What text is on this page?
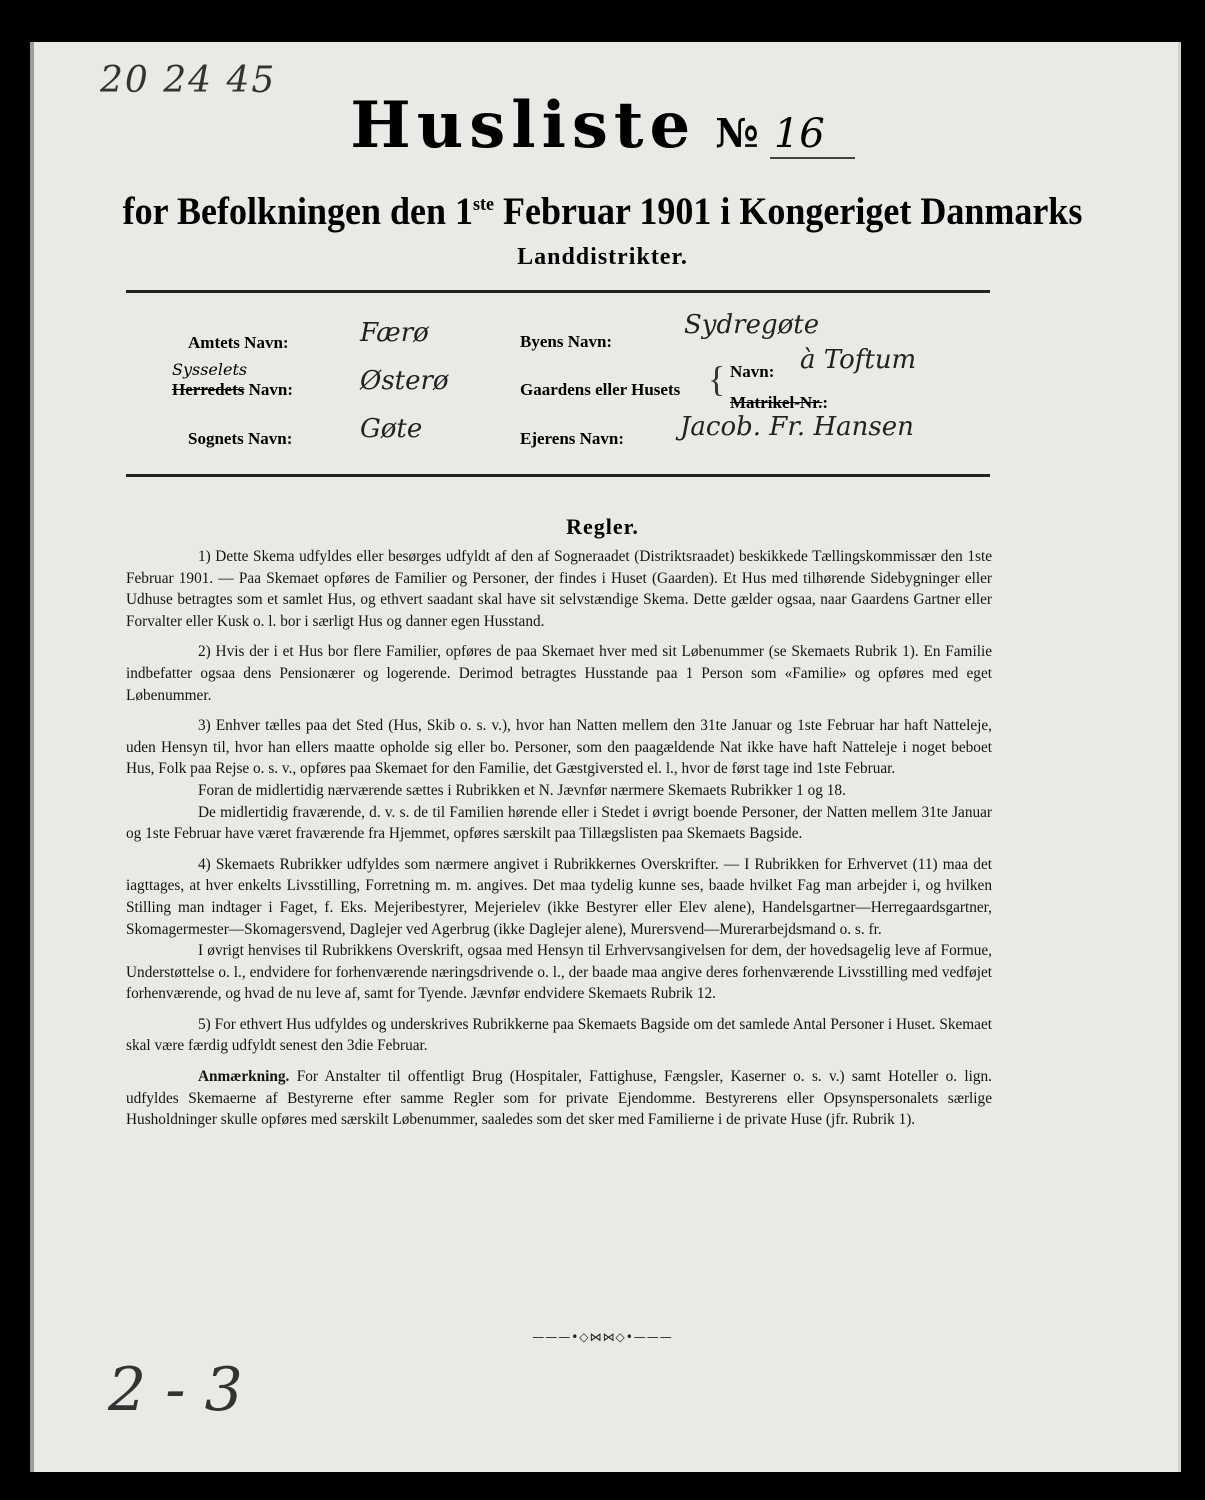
20 24 45
Husliste № 16
for Befolkningen den 1ste Februar 1901 i Kongeriget Danmarks
Landdistrikter.
Amtets Navn:	Færø
Sysselets
Herredets Navn:	Østerø
Sognets Navn:	Gøte
Byens Navn:
Sydregøte
Gaardens eller Husets { Navn: à Toftum
Matrikel-Nr.:
Ejerens Navn: Jacob. Fr. Hansen
Regler.

1) Dette Skema udfyldes eller besørges udfyldt af den af Sogneraadet (Distriktsraadet) beskikkede Tællingskommissær den 1ste Februar 1901. — Paa Skemaet opføres de Familier og Personer, der findes i Huset (Gaarden). Et Hus med tilhørende Sidebygninger eller Udhuse betragtes som et samlet Hus, og ethvert saadant skal have sit selvstændige Skema. Dette gælder ogsaa, naar Gaardens Gartner eller Forvalter eller Kusk o. l. bor i særligt Hus og danner egen Husstand.

2) Hvis der i et Hus bor flere Familier, opføres de paa Skemaet hver med sit Løbenummer (se Skemaets Rubrik 1). En Familie indbefatter ogsaa dens Pensionærer og logerende. Derimod betragtes Husstande paa 1 Person som «Familie» og opføres med eget Løbenummer.

3) Enhver tælles paa det Sted (Hus, Skib o. s. v.), hvor han Natten mellem den 31te Januar og 1ste Februar har haft Natteleje, uden Hensyn til, hvor han ellers maatte opholde sig eller bo. Personer, som den paagældende Nat ikke have haft Natteleje i noget beboet Hus, Folk paa Rejse o. s. v., opføres paa Skemaet for den Familie, det Gæstgiversted el. l., hvor de først tage ind 1ste Februar.

Foran de midlertidig nærværende sættes i Rubrikken et N. Jævnfør nærmere Skemaets Rubrikker 1 og 18.

De midlertidig fraværende, d. v. s. de til Familien hørende eller i Stedet i øvrigt boende Personer, der Natten mellem 31te Januar og 1ste Februar have været fraværende fra Hjemmet, opføres særskilt paa Tillægslisten paa Skemaets Bagside.

4) Skemaets Rubrikker udfyldes som nærmere angivet i Rubrikkernes Overskrifter. — I Rubrikken for Erhvervet (11) maa det iagttages, at hver enkelts Livsstilling, Forretning m. m. angives. Det maa tydelig kunne ses, baade hvilket Fag man arbejder i, og hvilken Stilling man indtager i Faget, f. Eks. Mejeribestyrer, Mejerielev (ikke Bestyrer eller Elev alene), Handelsgartner—Herregaardsgartner, Skomagermester—Skomagersvend, Daglejer ved Agerbrug (ikke Daglejer alene), Murersvend—Murerarbejdsmand o. s. fr.

I øvrigt henvises til Rubrikkens Overskrift, ogsaa med Hensyn til Erhvervsangivelsen for dem, der hovedsagelig leve af Formue, Understøttelse o. l., endvidere for forhenværende næringsdrivende o. l., der baade maa angive deres forhenværende Livsstilling med vedføjet forhenværende, og hvad de nu leve af, samt for Tyende. Jævnfør endvidere Skemaets Rubrik 12.

5) For ethvert Hus udfyldes og underskrives Rubrikkerne paa Skemaets Bagside om det samlede Antal Personer i Huset. Skemaet skal være færdig udfyldt senest den 3die Februar.

Anmærkning. For Anstalter til offentligt Brug (Hospitaler, Fattighuse, Fængsler, Kaserner o. s. v.) samt Hoteller o. lign. udfyldes Skemaerne af Bestyrerne efter samme Regler som for private Ejendomme. Bestyrerens eller Opsynspersonalets særlige Husholdninger skulle opføres med særskilt Løbenummer, saaledes som det sker med Familierne i de private Huse (jfr. Rubrik 1).

———•◇⋈⋈◇•———
2 - 3
